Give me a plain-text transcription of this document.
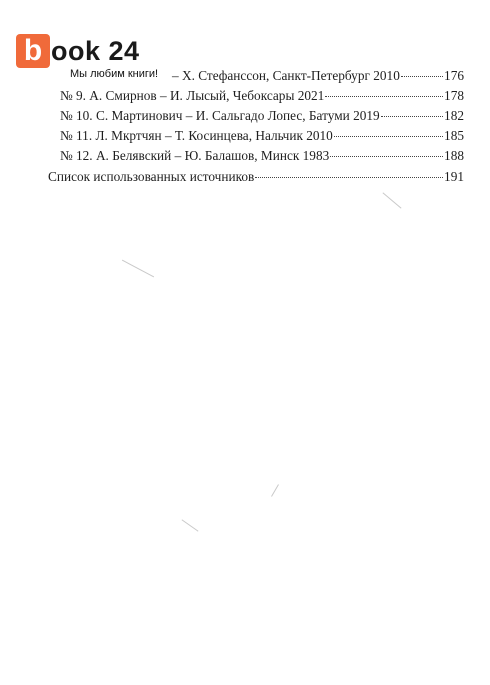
b ook 24
– Х. Стефанссон, Санкт-Петербург 2010	176
№ 9. А. Смирнов – И. Лысый, Чебоксары 2021	178
№ 10. С. Мартинович – И. Сальгадо Лопес, Батуми 2019	182
№ 11. Л. Мкртчян – Т. Косинцева, Нальчик 2010	185
№ 12. А. Белявский – Ю. Балашов, Минск 1983	188
Мы любим книги!
Список использованных источников	191
